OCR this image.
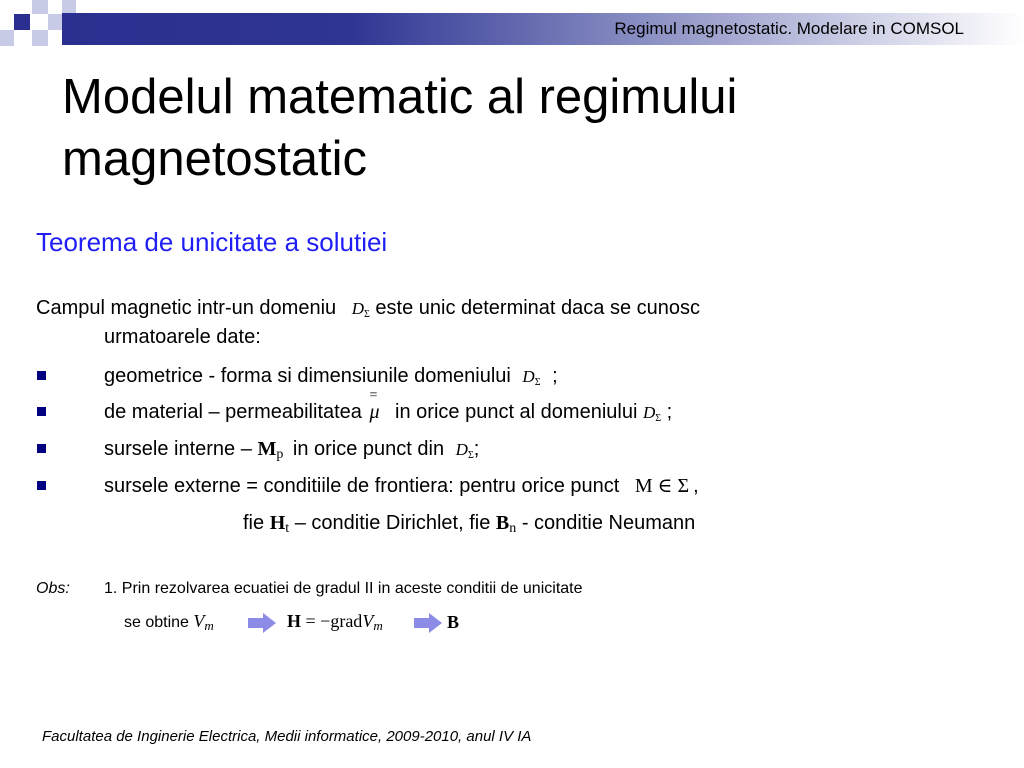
Regimul magnetostatic. Modelare in COMSOL
Modelul matematic al regimului
magnetostatic
Teorema de unicitate a solutiei
Campul magnetic intr-un domeniu $D_\Sigma$ este unic determinat daca se cunosc
urmatoarele date:
geometrice - forma si dimensiunile domeniului $D_\Sigma$ ;
de material – permeabilitatea
=
μ in orice punct al domeniului $D_\Sigma$ ;
sursele interne – $M_p$ in orice punct din $D_\Sigma$;
sursele externe = conditiile de frontiera: pentru orice punct M ∈ Σ ,
fie $H_t$ – conditie Dirichlet, fie $B_n$ - conditie Neumann
Obs: 1. Prin rezolvarea ecuatiei de gradul II in aceste conditii de unicitate
se obtine $V_m$	H = −gradV$_m$	B
Facultatea de Inginerie Electrica, Medii informatice, 2009-2010, anul IV IA
